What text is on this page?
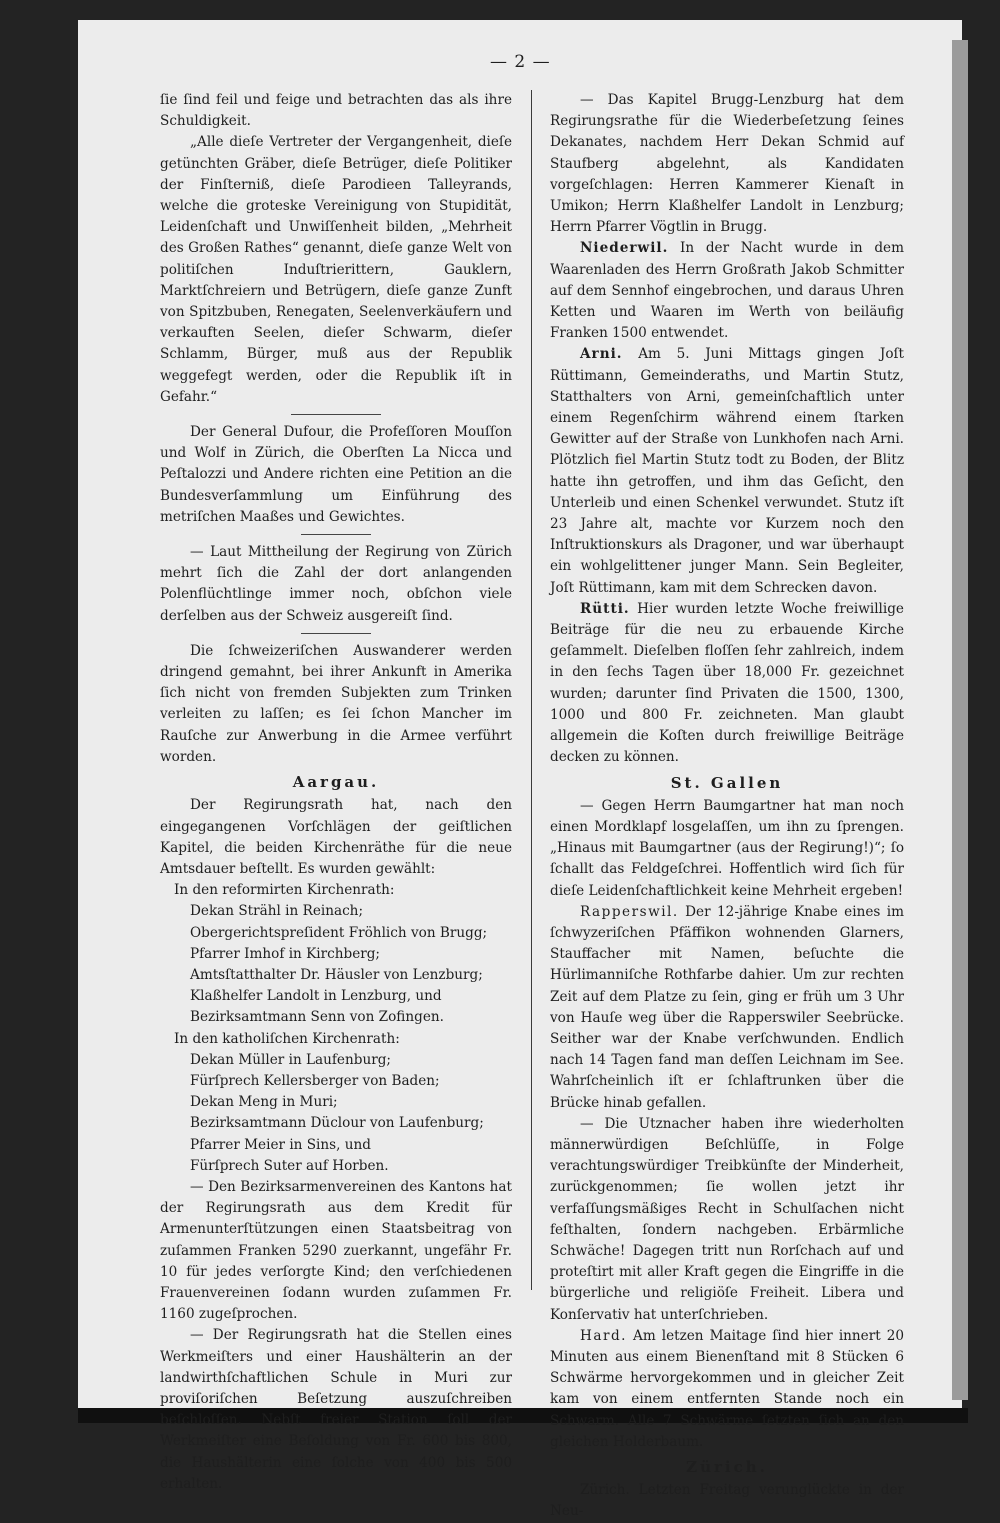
— 2 —

ſie ſind feil und feige und betrachten das als ihre Schuldigkeit.

„Alle dieſe Vertreter der Vergangenheit, dieſe getünchten Gräber, dieſe Betrüger, dieſe Politiker der Finſterniß, dieſe Parodieen Talleyrands, welche die groteske Vereinigung von Stupidität, Leidenſchaft und Unwiſſenheit bilden, „Mehrheit des Großen Rathes“ genannt, dieſe ganze Welt von politiſchen Induſtrierittern, Gauklern, Marktſchreiern und Betrügern, dieſe ganze Zunft von Spitzbuben, Renegaten, Seelenverkäufern und verkauften Seelen, dieſer Schwarm, dieſer Schlamm, Bürger, muß aus der Republik weggefegt werden, oder die Republik iſt in Gefahr.“

Der General Dufour, die Profeſſoren Mouſſon und Wolf in Zürich, die Oberſten La Nicca und Peſtalozzi und Andere richten eine Petition an die Bundesverſammlung um Einführung des metriſchen Maaßes und Gewichtes.

— Laut Mittheilung der Regirung von Zürich mehrt ſich die Zahl der dort anlangenden Polenflüchtlinge immer noch, obſchon viele derſelben aus der Schweiz ausgereiſt ſind.

Die ſchweizeriſchen Auswanderer werden dringend gemahnt, bei ihrer Ankunft in Amerika ſich nicht von fremden Subjekten zum Trinken verleiten zu laſſen; es ſei ſchon Mancher im Rauſche zur Anwerbung in die Armee verführt worden.

Aargau.

Der Regirungsrath hat, nach den eingegangenen Vorſchlägen der geiſtlichen Kapitel, die beiden Kirchenräthe für die neue Amtsdauer beſtellt. Es wurden gewählt:

In den reformirten Kirchenrath:

Dekan Strähl in Reinach;
Obergerichtspreſident Fröhlich von Brugg;
Pfarrer Imhof in Kirchberg;
Amtsſtatthalter Dr. Häusler von Lenzburg;
Klaßhelfer Landolt in Lenzburg, und
Bezirksamtmann Senn von Zofingen.

In den katholiſchen Kirchenrath:

Dekan Müller in Laufenburg;
Fürſprech Kellersberger von Baden;
Dekan Meng in Muri;
Bezirksamtmann Düclour von Laufenburg;
Pfarrer Meier in Sins, und
Fürſprech Suter auf Horben.

— Den Bezirksarmenvereinen des Kantons hat der Regirungsrath aus dem Kredit für Armenunterſtützungen einen Staatsbeitrag von zuſammen Franken 5290 zuerkannt, ungefähr Fr. 10 für jedes verſorgte Kind; den verſchiedenen Frauenvereinen ſodann wurden zuſammen Fr. 1160 zugeſprochen.

— Der Regirungsrath hat die Stellen eines Werkmeiſters und einer Haushälterin an der landwirthſchaftlichen Schule in Muri zur proviſoriſchen Beſetzung auszuſchreiben beſchloſſen. Nebſt freier Station ſoll der Werkmeiſter eine Beſoldung von Fr. 600 bis 800, die Haushälterin eine ſolche von 400 bis 500 erhalten.

— Das Kapitel Brugg-Lenzburg hat dem Regirungsrathe für die Wiederbeſetzung ſeines Dekanates, nachdem Herr Dekan Schmid auf Staufberg abgelehnt, als Kandidaten vorgeſchlagen: Herren Kammerer Kienaſt in Umikon; Herrn Klaßhelfer Landolt in Lenzburg; Herrn Pfarrer Vögtlin in Brugg.

Niederwil. In der Nacht wurde in dem Waarenladen des Herrn Großrath Jakob Schmitter auf dem Sennhof eingebrochen, und daraus Uhren Ketten und Waaren im Werth von beiläufig Franken 1500 entwendet.

Arni. Am 5. Juni Mittags gingen Joſt Rüttimann, Gemeinderaths, und Martin Stutz, Statthalters von Arni, gemeinſchaftlich unter einem Regenſchirm während einem ſtarken Gewitter auf der Straße von Lunkhofen nach Arni. Plötzlich fiel Martin Stutz todt zu Boden, der Blitz hatte ihn getroffen, und ihm das Geſicht, den Unterleib und einen Schenkel verwundet. Stutz iſt 23 Jahre alt, machte vor Kurzem noch den Inſtruktionskurs als Dragoner, und war überhaupt ein wohlgelittener junger Mann. Sein Begleiter, Joſt Rüttimann, kam mit dem Schrecken davon.

Rütti. Hier wurden letzte Woche freiwillige Beiträge für die neu zu erbauende Kirche geſammelt. Dieſelben floſſen ſehr zahlreich, indem in den ſechs Tagen über 18,000 Fr. gezeichnet wurden; darunter ſind Privaten die 1500, 1300, 1000 und 800 Fr. zeichneten. Man glaubt allgemein die Koſten durch freiwillige Beiträge decken zu können.

St. Gallen

— Gegen Herrn Baumgartner hat man noch einen Mordklapf losgelaſſen, um ihn zu ſprengen. „Hinaus mit Baumgartner (aus der Regirung!)“; ſo ſchallt das Feldgeſchrei. Hoffentlich wird ſich für dieſe Leidenſchaftlichkeit keine Mehrheit ergeben!

Rapperswil. Der 12-jährige Knabe eines im ſchwyzeriſchen Pfäffikon wohnenden Glarners, Stauffacher mit Namen, beſuchte die Hürlimanniſche Rothfarbe dahier. Um zur rechten Zeit auf dem Platze zu ſein, ging er früh um 3 Uhr von Hauſe weg über die Rapperswiler Seebrücke. Seither war der Knabe verſchwunden. Endlich nach 14 Tagen fand man deſſen Leichnam im See. Wahrſcheinlich iſt er ſchlaftrunken über die Brücke hinab gefallen.

— Die Utznacher haben ihre wiederholten männerwürdigen Beſchlüſſe, in Folge verachtungswürdiger Treibkünſte der Minderheit, zurückgenommen; ſie wollen jetzt ihr verfaſſungsmäßiges Recht in Schulſachen nicht feſthalten, ſondern nachgeben. Erbärmliche Schwäche! Dagegen tritt nun Rorſchach auf und proteſtirt mit aller Kraft gegen die Eingriffe in die bürgerliche und religiöſe Freiheit. Libera und Konſervativ hat unterſchrieben.

Hard. Am letzen Maitage ſind hier innert 20 Minuten aus einem Bienenſtand mit 8 Stücken 6 Schwärme hervorgekommen und in gleicher Zeit kam von einem entfernten Stande noch ein Schwarm. Alle 7 Schwärme ſetzten ſich an den gleichen Holderbaum.

Zürich.

Zürich. Letzten Freitag verunglückte in der Neu-
